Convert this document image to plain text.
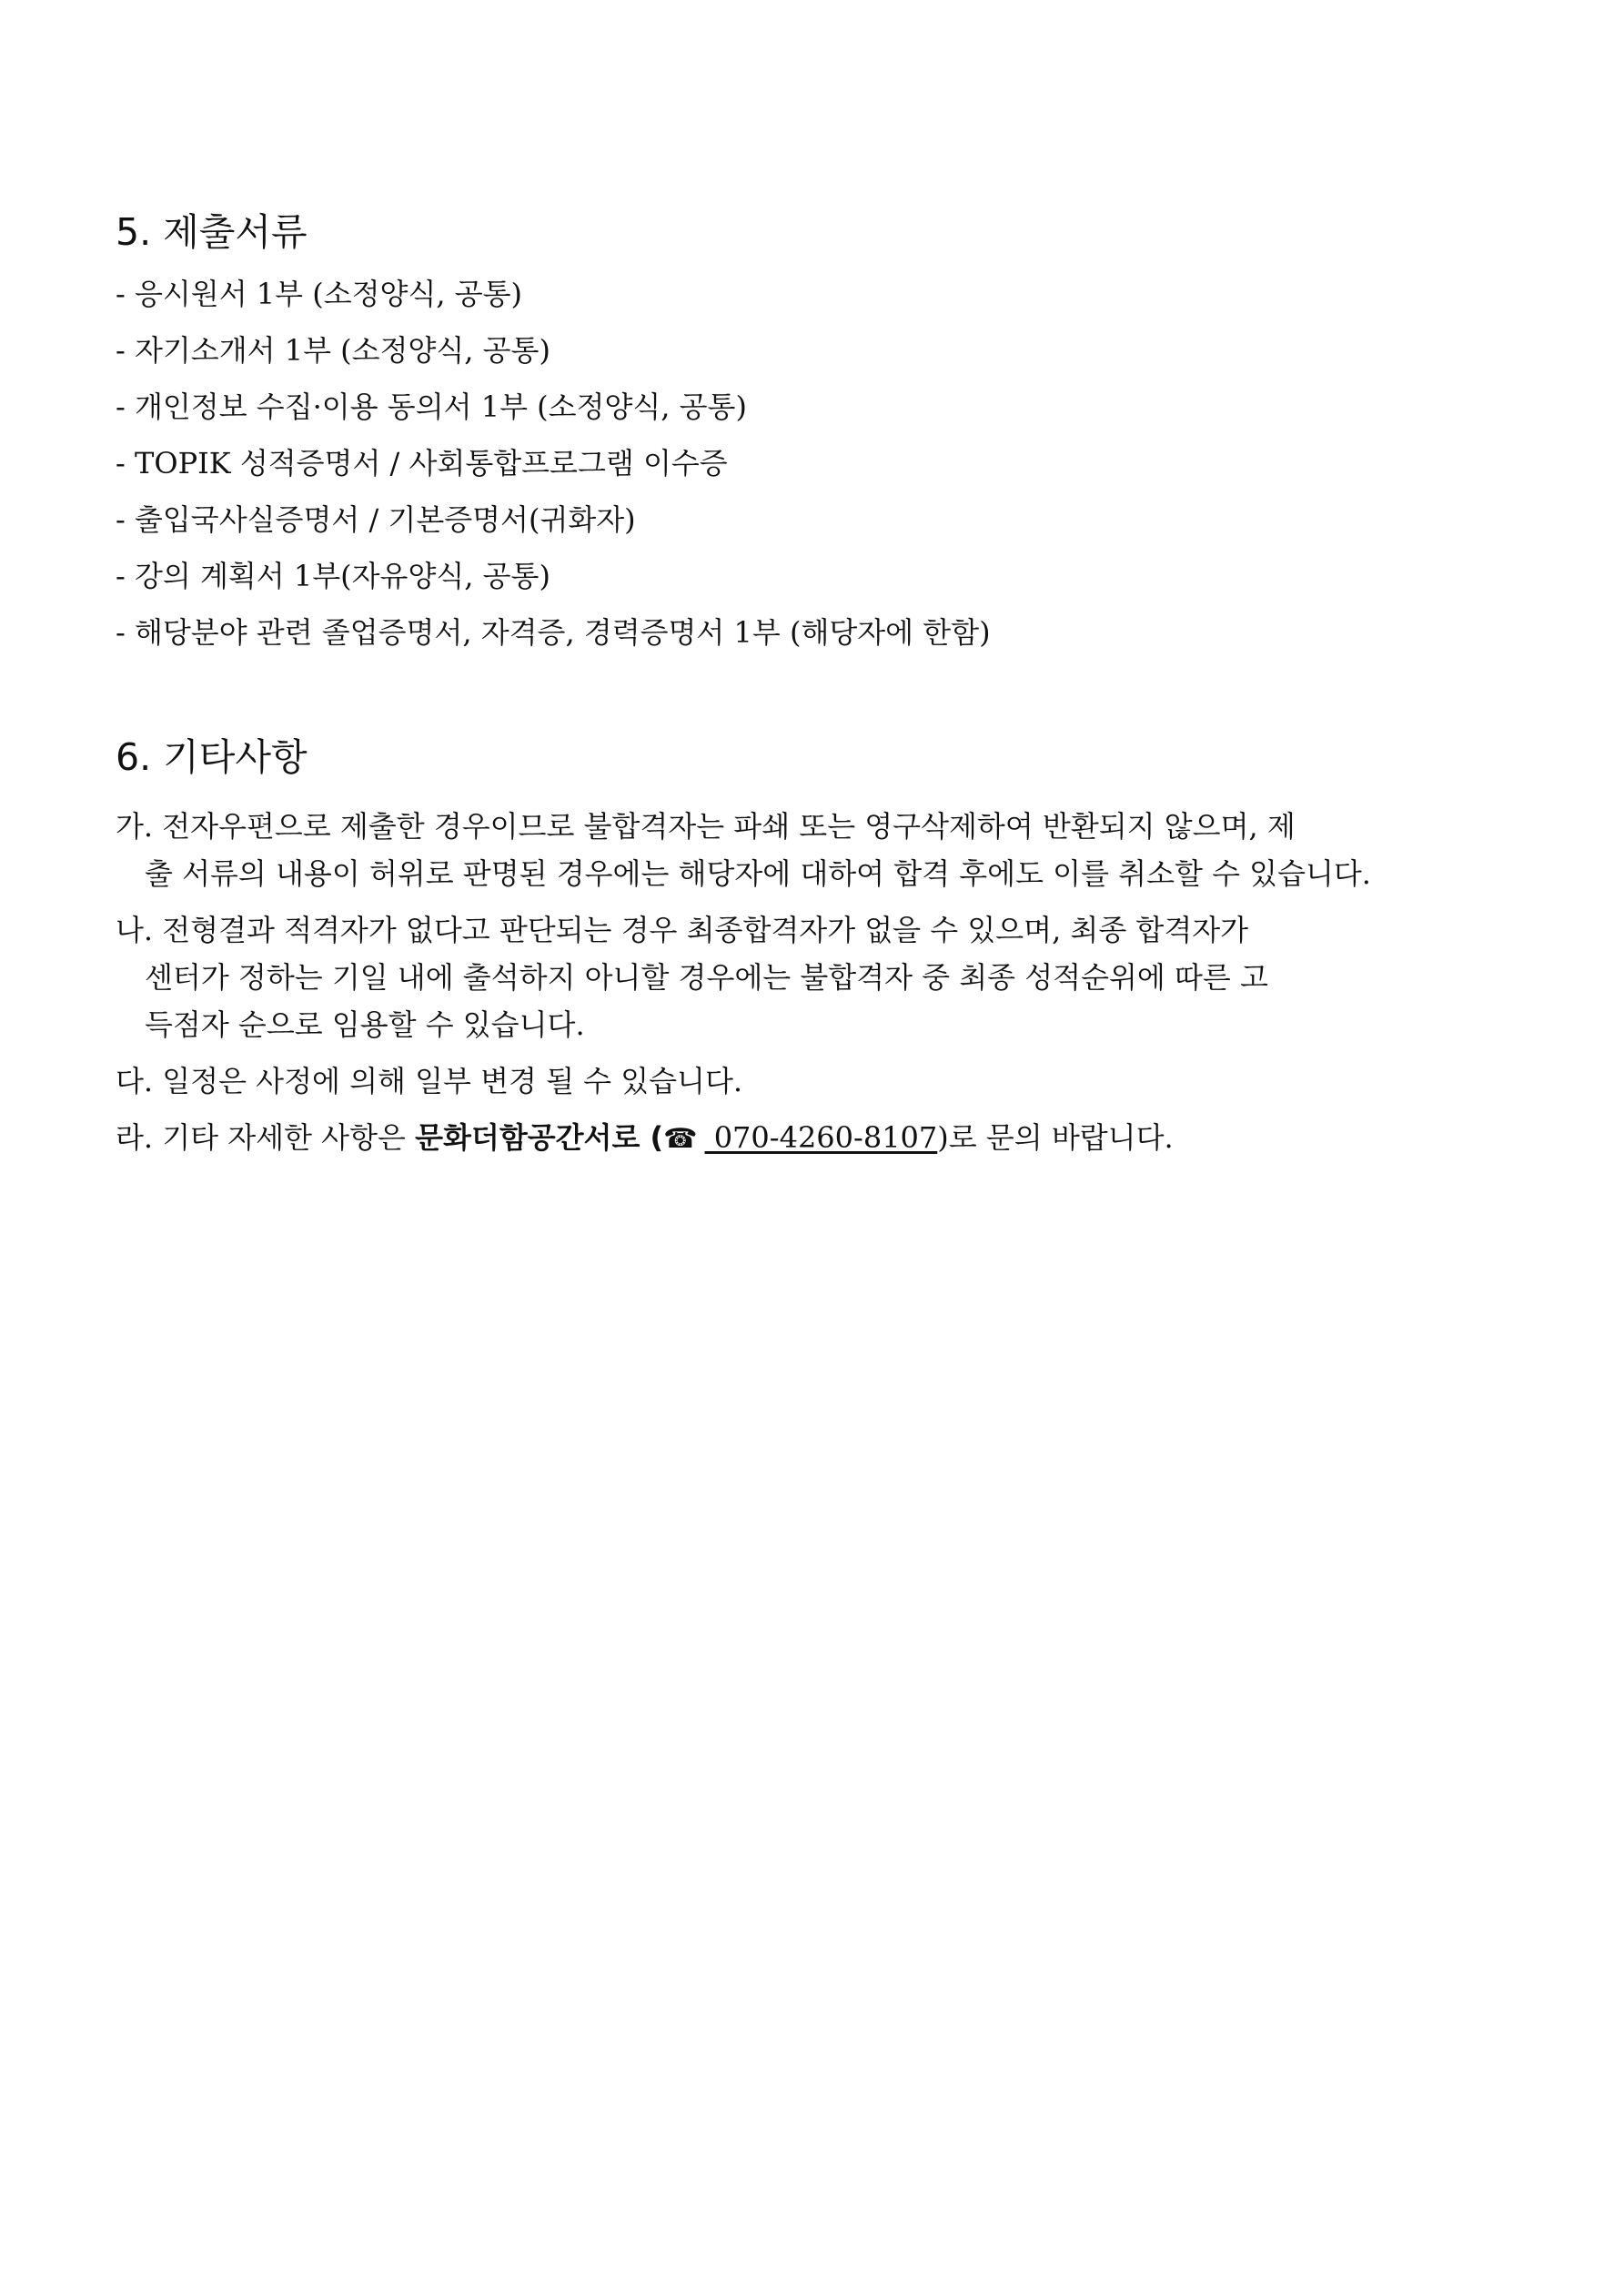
5. 제출서류
- 응시원서 1부 (소정양식, 공통)
- 자기소개서 1부 (소정양식, 공통)
- 개인정보 수집·이용 동의서 1부 (소정양식, 공통)
- TOPIK 성적증명서 / 사회통합프로그램 이수증
- 출입국사실증명서 / 기본증명서(귀화자)
- 강의 계획서 1부(자유양식, 공통)
- 해당분야 관련 졸업증명서, 자격증, 경력증명서 1부 (해당자에 한함)
6. 기타사항
가. 전자우편으로 제출한 경우이므로 불합격자는 파쇄 또는 영구삭제하여 반환되지 않으며, 제
출 서류의 내용이 허위로 판명된 경우에는 해당자에 대하여 합격 후에도 이를 취소할 수 있습니다.
나. 전형결과 적격자가 없다고 판단되는 경우 최종합격자가 없을 수 있으며, 최종 합격자가
센터가 정하는 기일 내에 출석하지 아니할 경우에는 불합격자 중 최종 성적순위에 따른 고
득점자 순으로 임용할 수 있습니다.
다. 일정은 사정에 의해 일부 변경 될 수 있습니다.
라. 기타 자세한 사항은 문화더함공간서로 (☎ 070-4260-8107)로 문의 바랍니다.
